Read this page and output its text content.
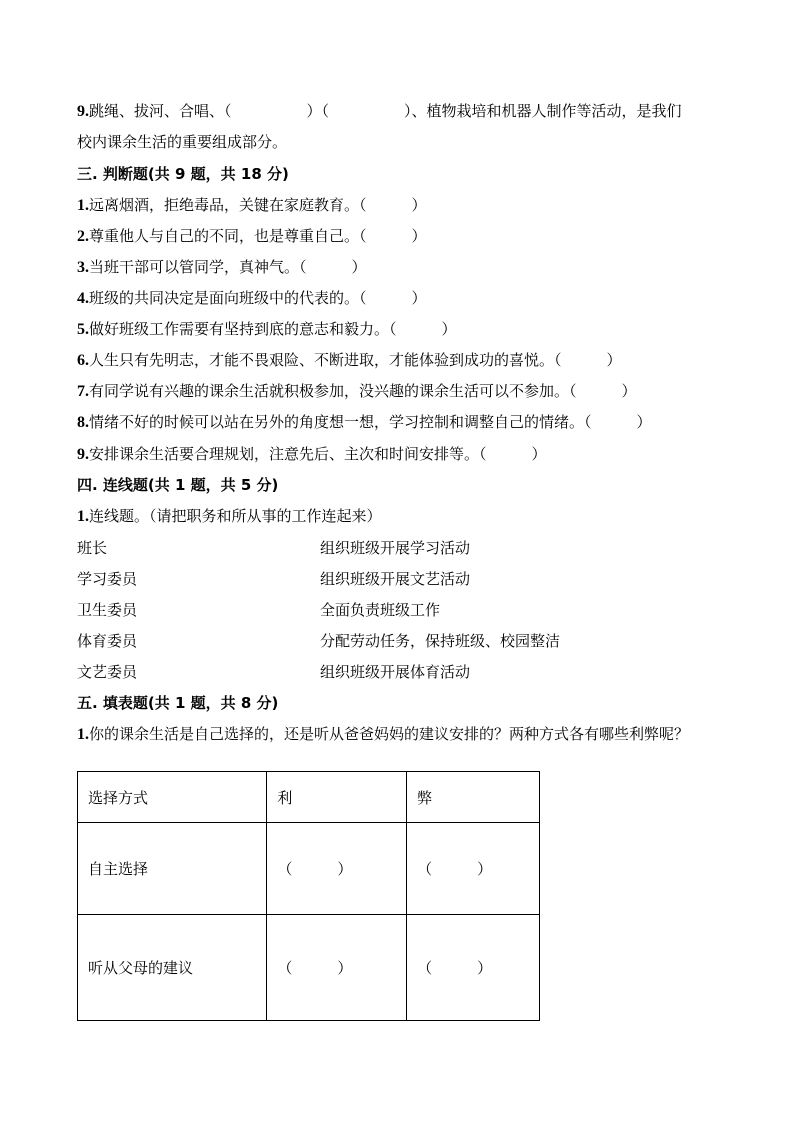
9.跳绳、拔河、合唱、（　　　　　）（　　　　　）、植物栽培和机器人制作等活动，是我们
校内课余生活的重要组成部分。
三. 判断题(共 9 题，共 18 分)
1.远离烟酒，拒绝毒品，关键在家庭教育。（　　　）
2.尊重他人与自己的不同，也是尊重自己。（　　　）
3.当班干部可以管同学，真神气。（　　　）
4.班级的共同决定是面向班级中的代表的。（　　　）
5.做好班级工作需要有坚持到底的意志和毅力。（　　　）
6.人生只有先明志，才能不畏艰险、不断进取，才能体验到成功的喜悦。（　　　）
7.有同学说有兴趣的课余生活就积极参加，没兴趣的课余生活可以不参加。（　　　）
8.情绪不好的时候可以站在另外的角度想一想，学习控制和调整自己的情绪。（　　　）
9.安排课余生活要合理规划，注意先后、主次和时间安排等。（　　　）
四. 连线题(共 1 题，共 5 分)
1.连线题。（请把职务和所从事的工作连起来）
班长	组织班级开展学习活动
学习委员	组织班级开展文艺活动
卫生委员	全面负责班级工作
体育委员	分配劳动任务，保持班级、校园整洁
文艺委员	组织班级开展体育活动
五. 填表题(共 1 题，共 8 分)
1.你的课余生活是自己选择的，还是听从爸爸妈妈的建议安排的？两种方式各有哪些利弊呢？
选择方式	利	弊
自主选择	（　　　）	（　　　）
听从父母的建议	（　　　）	（　　　）
